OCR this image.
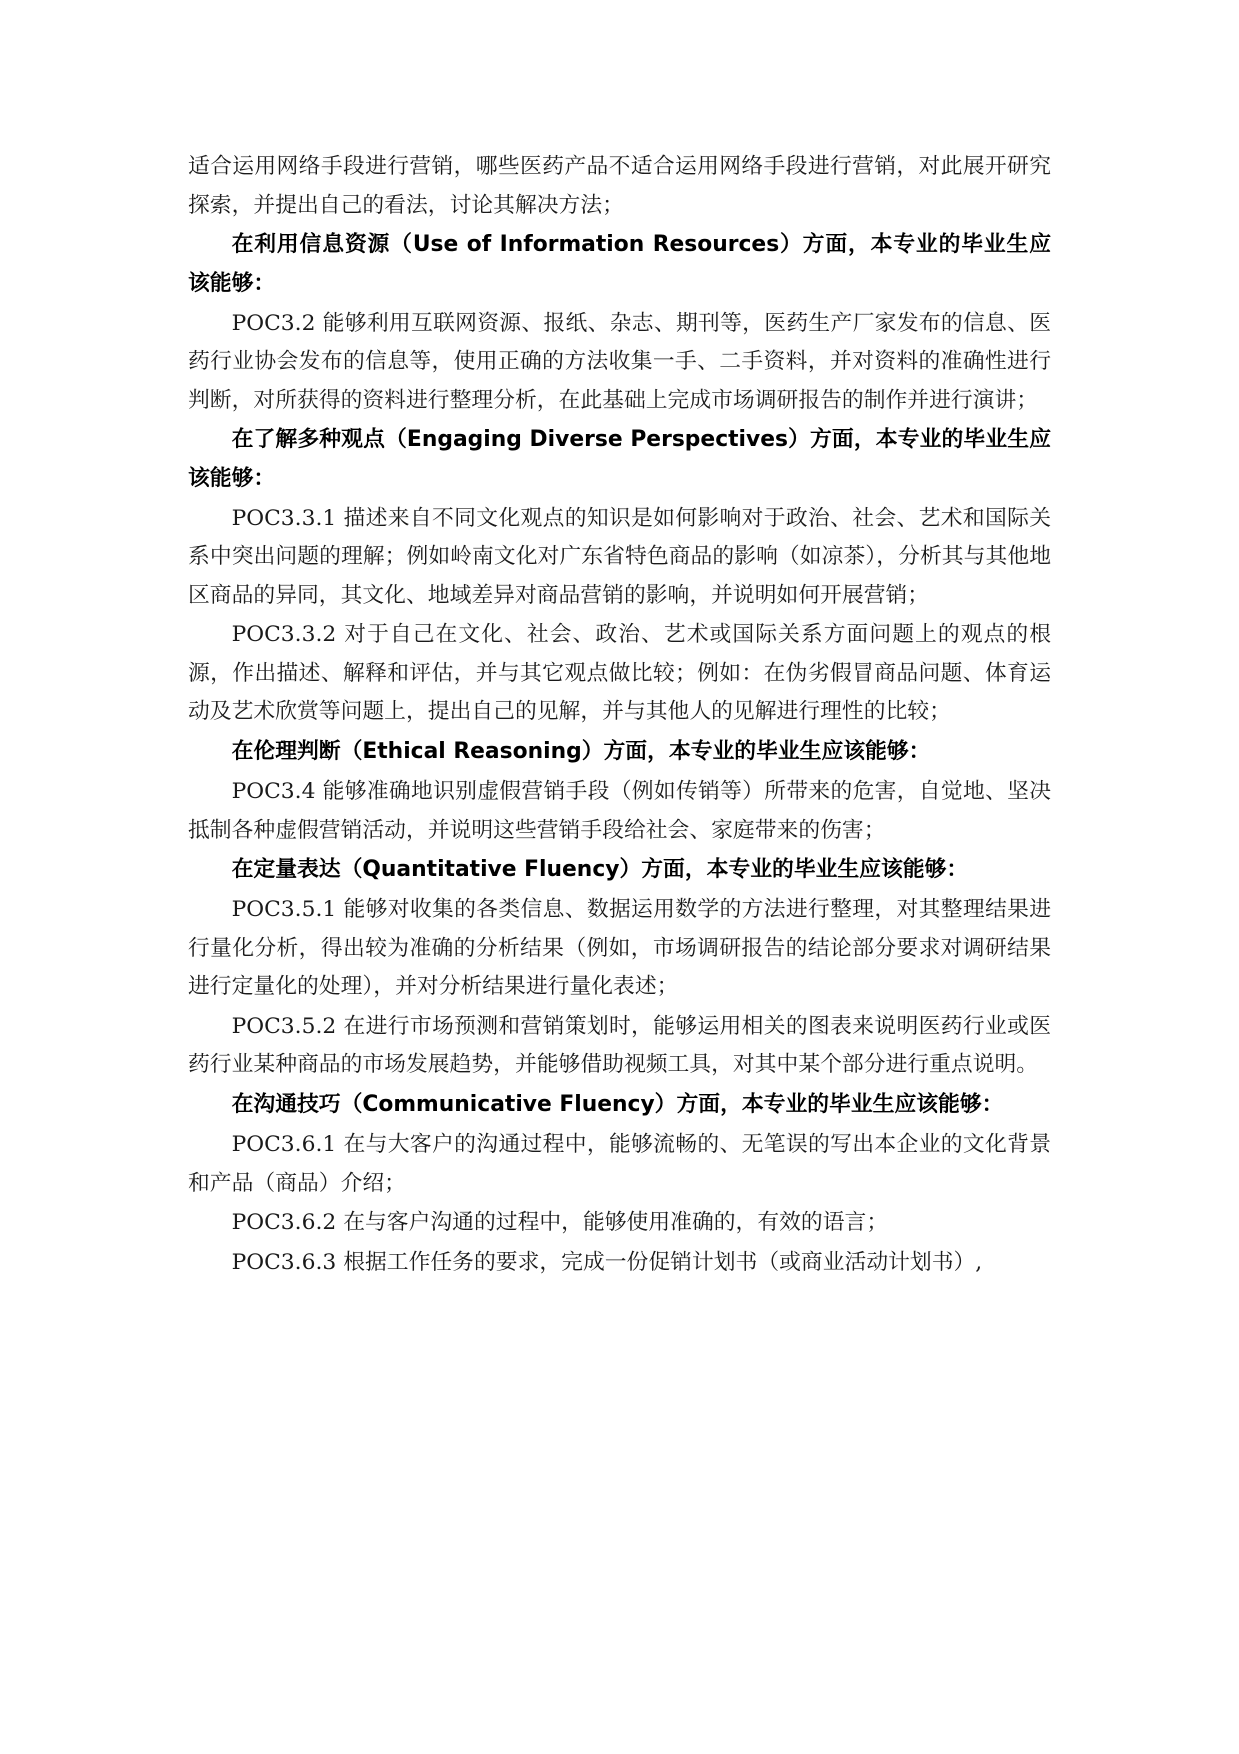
适合运用网络手段进行营销，哪些医药产品不适合运用网络手段进行营销，对此展开研究探索，并提出自己的看法，讨论其解决方法；

在利用信息资源（Use of Information Resources）方面，本专业的毕业生应该能够：

POC3.2 能够利用互联网资源、报纸、杂志、期刊等，医药生产厂家发布的信息、医药行业协会发布的信息等，使用正确的方法收集一手、二手资料，并对资料的准确性进行判断，对所获得的资料进行整理分析，在此基础上完成市场调研报告的制作并进行演讲；

在了解多种观点（Engaging Diverse Perspectives）方面，本专业的毕业生应该能够：

POC3.3.1 描述来自不同文化观点的知识是如何影响对于政治、社会、艺术和国际关系中突出问题的理解；例如岭南文化对广东省特色商品的影响（如凉茶），分析其与其他地区商品的异同，其文化、地域差异对商品营销的影响，并说明如何开展营销；

POC3.3.2 对于自己在文化、社会、政治、艺术或国际关系方面问题上的观点的根源，作出描述、解释和评估，并与其它观点做比较；例如：在伪劣假冒商品问题、体育运动及艺术欣赏等问题上，提出自己的见解，并与其他人的见解进行理性的比较；

在伦理判断（Ethical Reasoning）方面，本专业的毕业生应该能够：

POC3.4 能够准确地识别虚假营销手段（例如传销等）所带来的危害，自觉地、坚决抵制各种虚假营销活动，并说明这些营销手段给社会、家庭带来的伤害；

在定量表达（Quantitative Fluency）方面，本专业的毕业生应该能够：

POC3.5.1 能够对收集的各类信息、数据运用数学的方法进行整理，对其整理结果进行量化分析，得出较为准确的分析结果（例如，市场调研报告的结论部分要求对调研结果进行定量化的处理），并对分析结果进行量化表述；

POC3.5.2 在进行市场预测和营销策划时，能够运用相关的图表来说明医药行业或医药行业某种商品的市场发展趋势，并能够借助视频工具，对其中某个部分进行重点说明。

在沟通技巧（Communicative Fluency）方面，本专业的毕业生应该能够：

POC3.6.1 在与大客户的沟通过程中，能够流畅的、无笔误的写出本企业的文化背景和产品（商品）介绍；

POC3.6.2 在与客户沟通的过程中，能够使用准确的，有效的语言；

POC3.6.3 根据工作任务的要求，完成一份促销计划书（或商业活动计划书）,
